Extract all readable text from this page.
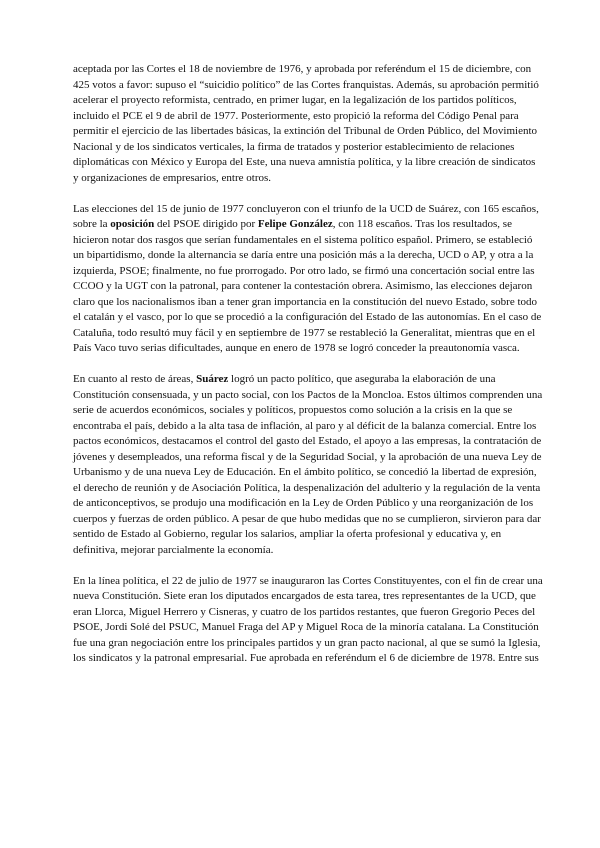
aceptada por las Cortes el 18 de noviembre de 1976, y aprobada por referéndum el 15 de diciembre, con 425 votos a favor: supuso el “suicidio político” de las Cortes franquistas. Además, su aprobación permitió acelerar el proyecto reformista, centrado, en primer lugar, en la legalización de los partidos políticos, incluido el PCE el 9 de abril de 1977. Posteriormente, esto propició la reforma del Código Penal para permitir el ejercicio de las libertades básicas, la extinción del Tribunal de Orden Público, del Movimiento Nacional y de los sindicatos verticales, la firma de tratados y posterior establecimiento de relaciones diplomáticas con México y Europa del Este, una nueva amnistía política, y la libre creación de sindicatos y organizaciones de empresarios, entre otros.

Las elecciones del 15 de junio de 1977 concluyeron con el triunfo de la UCD de Suárez, con 165 escaños, sobre la oposición del PSOE dirigido por Felipe González, con 118 escaños. Tras los resultados, se hicieron notar dos rasgos que serían fundamentales en el sistema político español. Primero, se estableció un bipartidismo, donde la alternancia se daría entre una posición más a la derecha, UCD o AP, y otra a la izquierda, PSOE; finalmente, no fue prorrogado. Por otro lado, se firmó una concertación social entre las CCOO y la UGT con la patronal, para contener la contestación obrera. Asimismo, las elecciones dejaron claro que los nacionalismos iban a tener gran importancia en la constitución del nuevo Estado, sobre todo el catalán y el vasco, por lo que se procedió a la configuración del Estado de las autonomías. En el caso de Cataluña, todo resultó muy fácil y en septiembre de 1977 se restableció la Generalitat, mientras que en el País Vaco tuvo serias dificultades, aunque en enero de 1978 se logró conceder la preautonomía vasca.

En cuanto al resto de áreas, Suárez logró un pacto político, que aseguraba la elaboración de una Constitución consensuada, y un pacto social, con los Pactos de la Moncloa. Estos últimos comprenden una serie de acuerdos económicos, sociales y políticos, propuestos como solución a la crisis en la que se encontraba el país, debido a la alta tasa de inflación, al paro y al déficit de la balanza comercial. Entre los pactos económicos, destacamos el control del gasto del Estado, el apoyo a las empresas, la contratación de jóvenes y desempleados, una reforma fiscal y de la Seguridad Social, y la aprobación de una nueva Ley de Urbanismo y de una nueva Ley de Educación. En el ámbito político, se concedió la libertad de expresión, el derecho de reunión y de Asociación Política, la despenalización del adulterio y la regulación de la venta de anticonceptivos, se produjo una modificación en la Ley de Orden Público y una reorganización de los cuerpos y fuerzas de orden público. A pesar de que hubo medidas que no se cumplieron, sirvieron para dar sentido de Estado al Gobierno, regular los salarios, ampliar la oferta profesional y educativa y, en definitiva, mejorar parcialmente la economía.

En la línea política, el 22 de julio de 1977 se inauguraron las Cortes Constituyentes, con el fin de crear una nueva Constitución. Siete eran los diputados encargados de esta tarea, tres representantes de la UCD, que eran Llorca, Miguel Herrero y Cisneras, y cuatro de los partidos restantes, que fueron Gregorio Peces del PSOE, Jordi Solé del PSUC, Manuel Fraga del AP y Miguel Roca de la minoría catalana. La Constitución fue una gran negociación entre los principales partidos y un gran pacto nacional, al que se sumó la Iglesia, los sindicatos y la patronal empresarial. Fue aprobada en referéndum el 6 de diciembre de 1978. Entre sus
